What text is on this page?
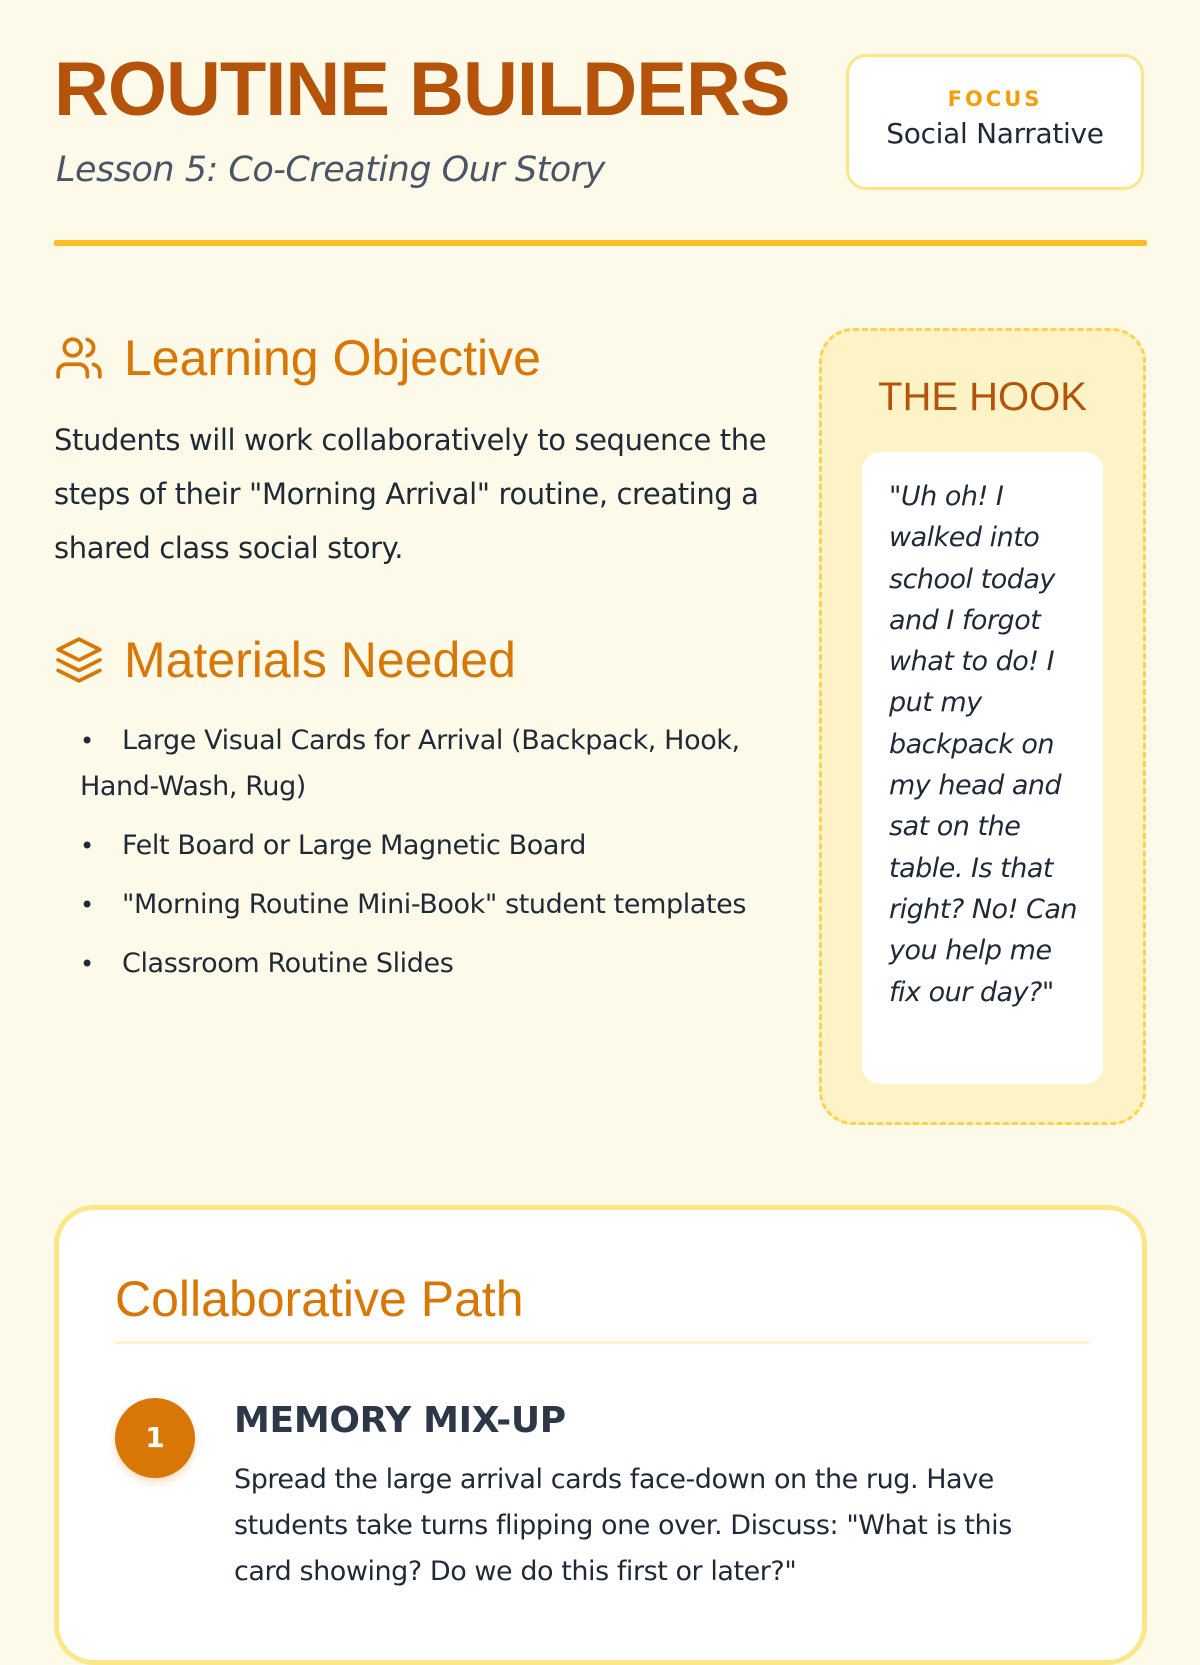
ROUTINE BUILDERS

Lesson 5: Co-Creating Our Story

FOCUS
Social Narrative
Learning Objective

Students will work collaboratively to sequence the steps of their "Morning Arrival" routine, creating a shared class social story.

Materials Needed
• Large Visual Cards for Arrival (Backpack, Hook, Hand-Wash, Rug)
• Felt Board or Large Magnetic Board
• "Morning Routine Mini-Book" student templates
• Classroom Routine Slides
THE HOOK
"Uh oh! I walked into school today and I forgot what to do! I put my backpack on my head and sat on the table. Is that right? No! Can you help me fix our day?"
Collaborative Path
1	MEMORY MIX-UP

Spread the large arrival cards face-down on the rug. Have students take turns flipping one over. Discuss: "What is this card showing? Do we do this first or later?"
